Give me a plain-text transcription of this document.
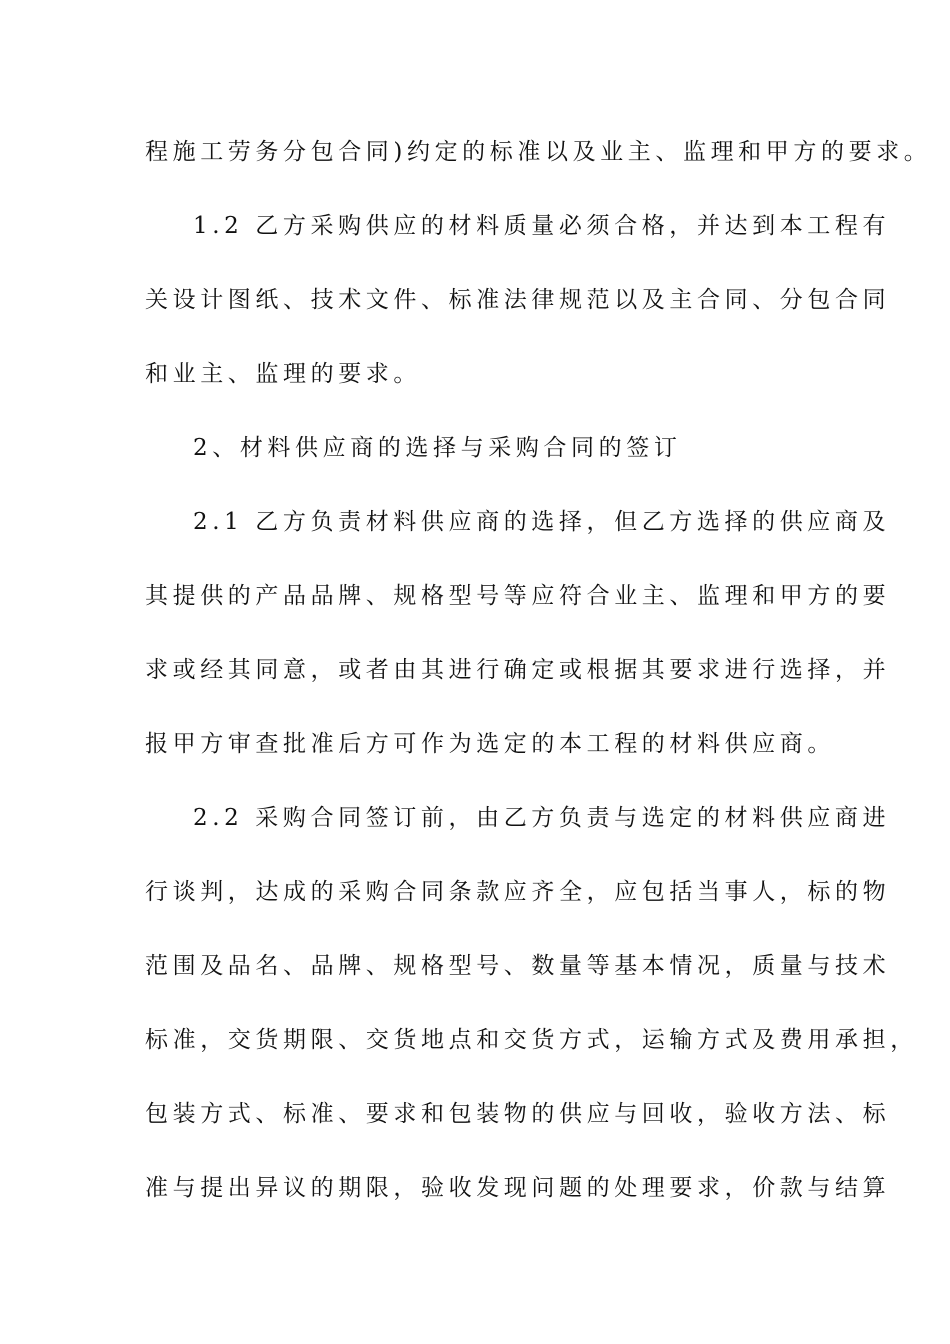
程施工劳务分包合同)约定的标准以及业主、监理和甲方的要求。
1.2 乙方采购供应的材料质量必须合格，并达到本工程有
关设计图纸、技术文件、标准法律规范以及主合同、分包合同
和业主、监理的要求。
2、材料供应商的选择与采购合同的签订
2.1 乙方负责材料供应商的选择，但乙方选择的供应商及
其提供的产品品牌、规格型号等应符合业主、监理和甲方的要
求或经其同意，或者由其进行确定或根据其要求进行选择，并
报甲方审查批准后方可作为选定的本工程的材料供应商。
2.2 采购合同签订前，由乙方负责与选定的材料供应商进
行谈判，达成的采购合同条款应齐全，应包括当事人，标的物
范围及品名、品牌、规格型号、数量等基本情况，质量与技术
标准，交货期限、交货地点和交货方式，运输方式及费用承担，
包装方式、标准、要求和包装物的供应与回收，验收方法、标
准与提出异议的期限，验收发现问题的处理要求，价款与结算
